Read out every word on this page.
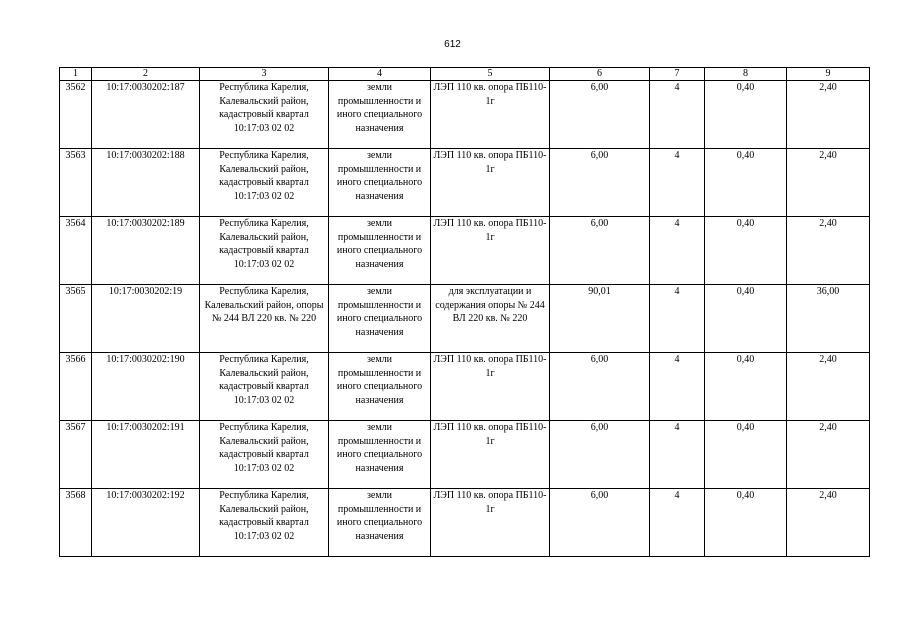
612
1	2	3	4	5	6	7	8	9
3562	10:17:0030202:187	Республика Карелия, Калевальский район, кадастровый квартал 10:17:03 02 02	земли промышленности и иного специального назначения	ЛЭП 110 кв. опора ПБ110-1г	6,00	4	0,40	2,40
3563	10:17:0030202:188	Республика Карелия, Калевальский район, кадастровый квартал 10:17:03 02 02	земли промышленности и иного специального назначения	ЛЭП 110 кв. опора ПБ110-1г	6,00	4	0,40	2,40
3564	10:17:0030202:189	Республика Карелия, Калевальский район, кадастровый квартал 10:17:03 02 02	земли промышленности и иного специального назначения	ЛЭП 110 кв. опора ПБ110-1г	6,00	4	0,40	2,40
3565	10:17:0030202:19	Республика Карелия, Калевальский район, опоры № 244 ВЛ 220 кв. № 220	земли промышленности и иного специального назначения	для эксплуатации и содержания опоры № 244 ВЛ 220 кв. № 220	90,01	4	0,40	36,00
3566	10:17:0030202:190	Республика Карелия, Калевальский район, кадастровый квартал 10:17:03 02 02	земли промышленности и иного специального назначения	ЛЭП 110 кв. опора ПБ110-1г	6,00	4	0,40	2,40
3567	10:17:0030202:191	Республика Карелия, Калевальский район, кадастровый квартал 10:17:03 02 02	земли промышленности и иного специального назначения	ЛЭП 110 кв. опора ПБ110-1г	6,00	4	0,40	2,40
3568	10:17:0030202:192	Республика Карелия, Калевальский район, кадастровый квартал 10:17:03 02 02	земли промышленности и иного специального назначения	ЛЭП 110 кв. опора ПБ110-1г	6,00	4	0,40	2,40
